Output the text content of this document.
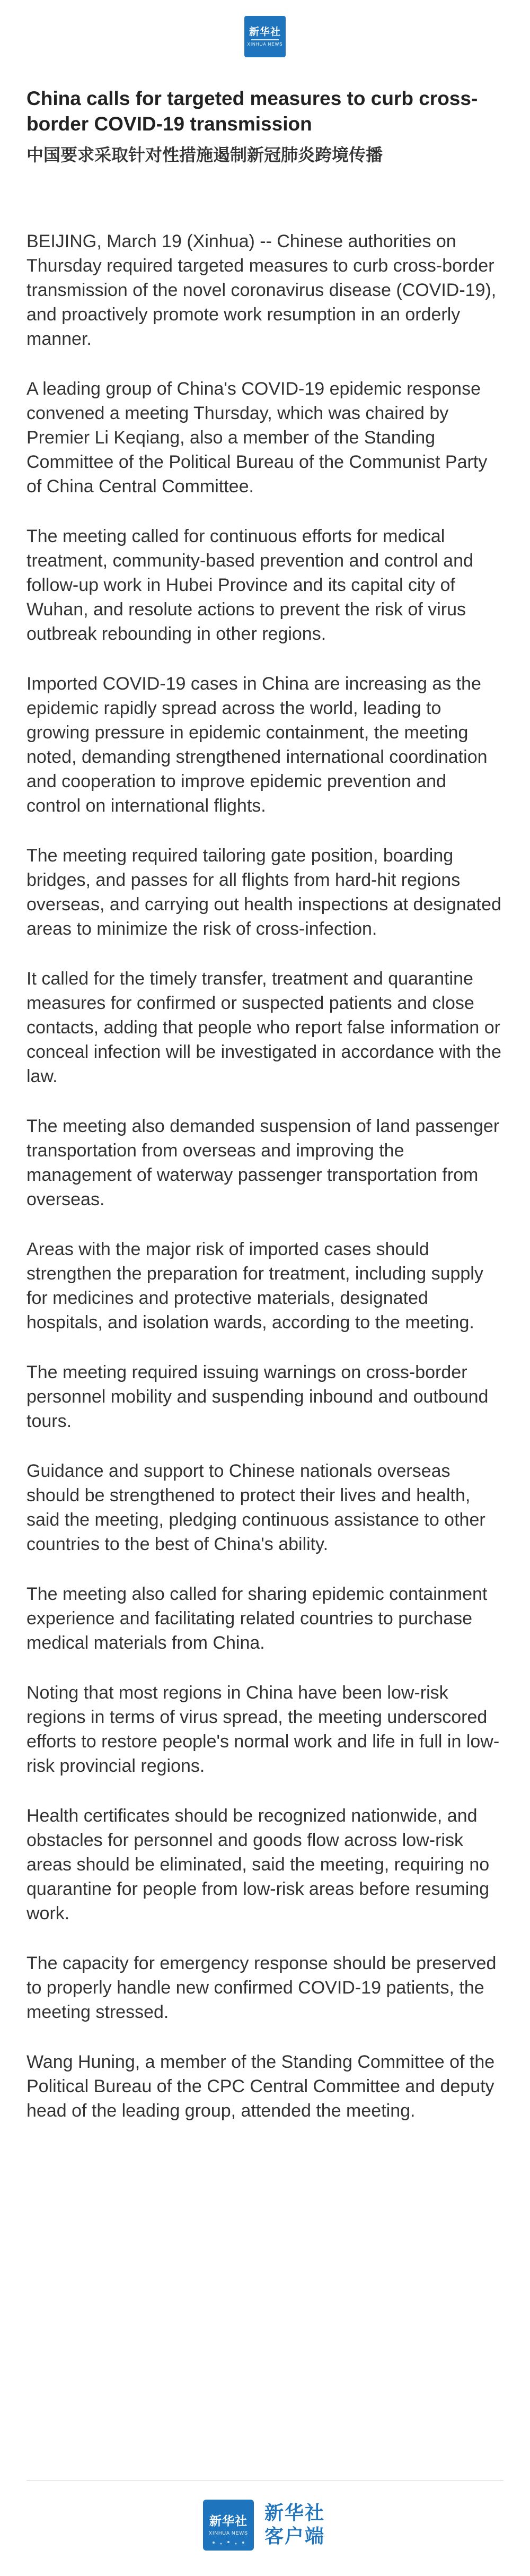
新华社
XINHUA NEWS
China calls for targeted measures to curb cross-border COVID-19 transmission
中国要求采取针对性措施遏制新冠肺炎跨境传播

BEIJING, March 19 (Xinhua) -- Chinese authorities on Thursday required targeted measures to curb cross-border transmission of the novel coronavirus disease (COVID-19), and proactively promote work resumption in an orderly manner.

A leading group of China's COVID-19 epidemic response convened a meeting Thursday, which was chaired by Premier Li Keqiang, also a member of the Standing Committee of the Political Bureau of the Communist Party of China Central Committee.

The meeting called for continuous efforts for medical treatment, community-based prevention and control and follow-up work in Hubei Province and its capital city of Wuhan, and resolute actions to prevent the risk of virus outbreak rebounding in other regions.

Imported COVID-19 cases in China are increasing as the epidemic rapidly spread across the world, leading to growing pressure in epidemic containment, the meeting noted, demanding strengthened international coordination and cooperation to improve epidemic prevention and control on international flights.

The meeting required tailoring gate position, boarding bridges, and passes for all flights from hard-hit regions overseas, and carrying out health inspections at designated areas to minimize the risk of cross-infection.

It called for the timely transfer, treatment and quarantine measures for confirmed or suspected patients and close contacts, adding that people who report false information or conceal infection will be investigated in accordance with the law.

The meeting also demanded suspension of land passenger transportation from overseas and improving the management of waterway passenger transportation from overseas.

Areas with the major risk of imported cases should strengthen the preparation for treatment, including supply for medicines and protective materials, designated hospitals, and isolation wards, according to the meeting.

The meeting required issuing warnings on cross-border personnel mobility and suspending inbound and outbound tours.

Guidance and support to Chinese nationals overseas should be strengthened to protect their lives and health, said the meeting, pledging continuous assistance to other countries to the best of China's ability.

The meeting also called for sharing epidemic containment experience and facilitating related countries to purchase medical materials from China.

Noting that most regions in China have been low-risk regions in terms of virus spread, the meeting underscored efforts to restore people's normal work and life in full in low-risk provincial regions.

Health certificates should be recognized nationwide, and obstacles for personnel and goods flow across low-risk areas should be eliminated, said the meeting, requiring no quarantine for people from low-risk areas before resuming work.

The capacity for emergency response should be preserved to properly handle new confirmed COVID-19 patients, the meeting stressed.

Wang Huning, a member of the Standing Committee of the Political Bureau of the CPC Central Committee and deputy head of the leading group, attended the meeting.

新华社
XINHUA NEWS
新华社
客户端
